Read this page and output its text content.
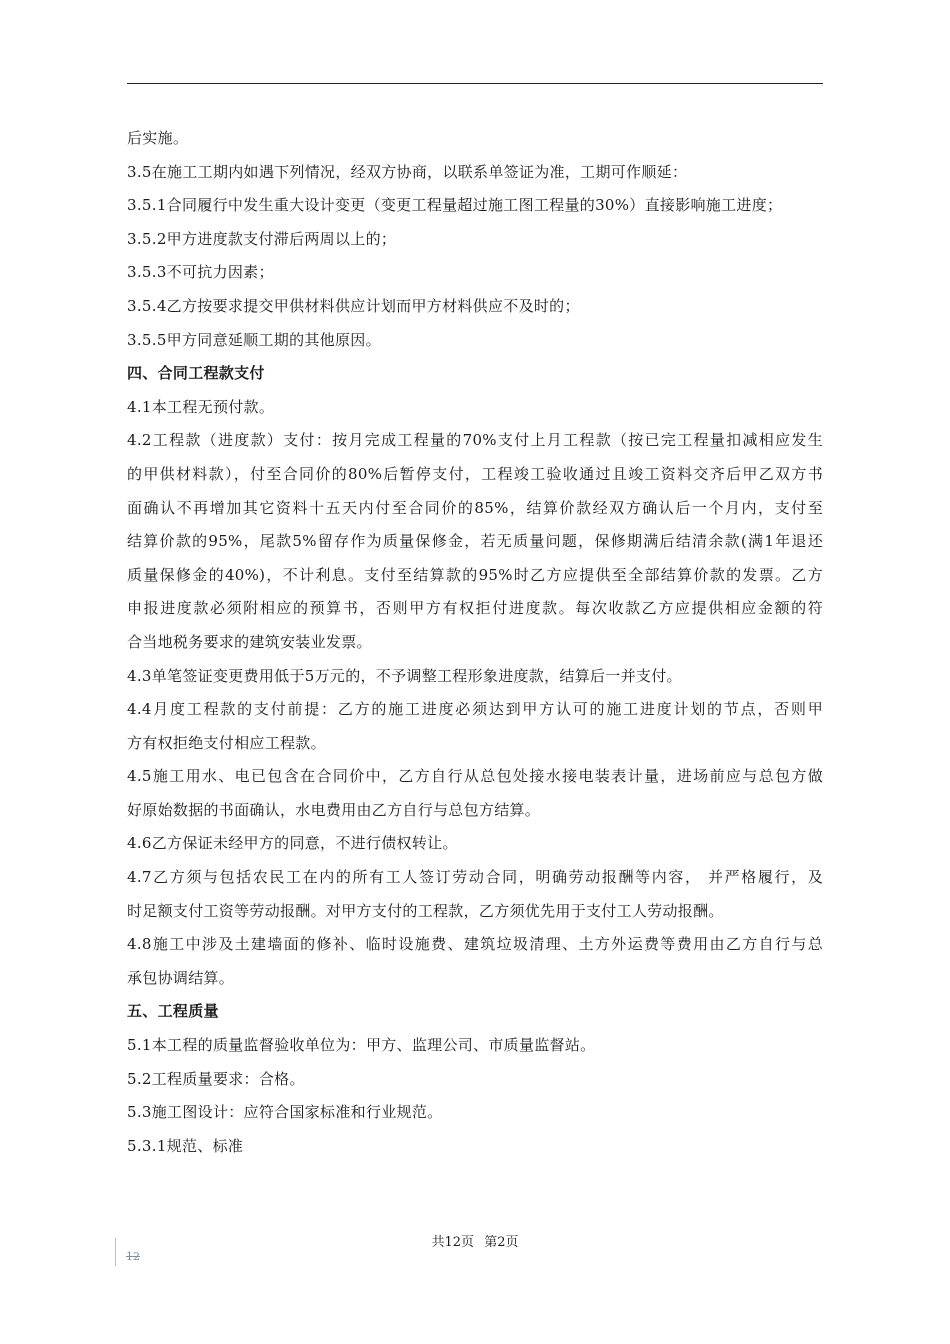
后实施。
3.5在施工工期内如遇下列情况，经双方协商，以联系单签证为准，工期可作顺延：
3.5.1合同履行中发生重大设计变更（变更工程量超过施工图工程量的30%）直接影响施工进度；
3.5.2甲方进度款支付滞后两周以上的；
3.5.3不可抗力因素；
3.5.4乙方按要求提交甲供材料供应计划而甲方材料供应不及时的；
3.5.5甲方同意延顺工期的其他原因。
四、合同工程款支付
4.1本工程无预付款。
4.2工程款（进度款）支付：按月完成工程量的70%支付上月工程款（按已完工程量扣减相应发生
的甲供材料款），付至合同价的80%后暂停支付，工程竣工验收通过且竣工资料交齐后甲乙双方书
面确认不再增加其它资料十五天内付至合同价的85%，结算价款经双方确认后一个月内，支付至
结算价款的95%，尾款5%留存作为质量保修金，若无质量问题，保修期满后结清余款(满1年退还
质量保修金的40%)，不计利息。支付至结算款的95%时乙方应提供至全部结算价款的发票。乙方
申报进度款必须附相应的预算书，否则甲方有权拒付进度款。每次收款乙方应提供相应金额的符
合当地税务要求的建筑安装业发票。
4.3单笔签证变更费用低于5万元的，不予调整工程形象进度款，结算后一并支付。
4.4月度工程款的支付前提：乙方的施工进度必须达到甲方认可的施工进度计划的节点，否则甲
方有权拒绝支付相应工程款。
4.5施工用水、电已包含在合同价中，乙方自行从总包处接水接电装表计量，进场前应与总包方做
好原始数据的书面确认，水电费用由乙方自行与总包方结算。
4.6乙方保证未经甲方的同意，不进行债权转让。
4.7乙方须与包括农民工在内的所有工人签订劳动合同，明确劳动报酬等内容， 并严格履行，及
时足额支付工资等劳动报酬。对甲方支付的工程款，乙方须优先用于支付工人劳动报酬。
4.8施工中涉及土建墙面的修补、临时设施费、建筑垃圾清理、土方外运费等费用由乙方自行与总
承包协调结算。
五、工程质量
5.1本工程的质量监督验收单位为：甲方、监理公司、市质量监督站。
5.2工程质量要求：合格。
5.3施工图设计：应符合国家标准和行业规范。
5.3.1规范、标准
共12页 第2页
12
